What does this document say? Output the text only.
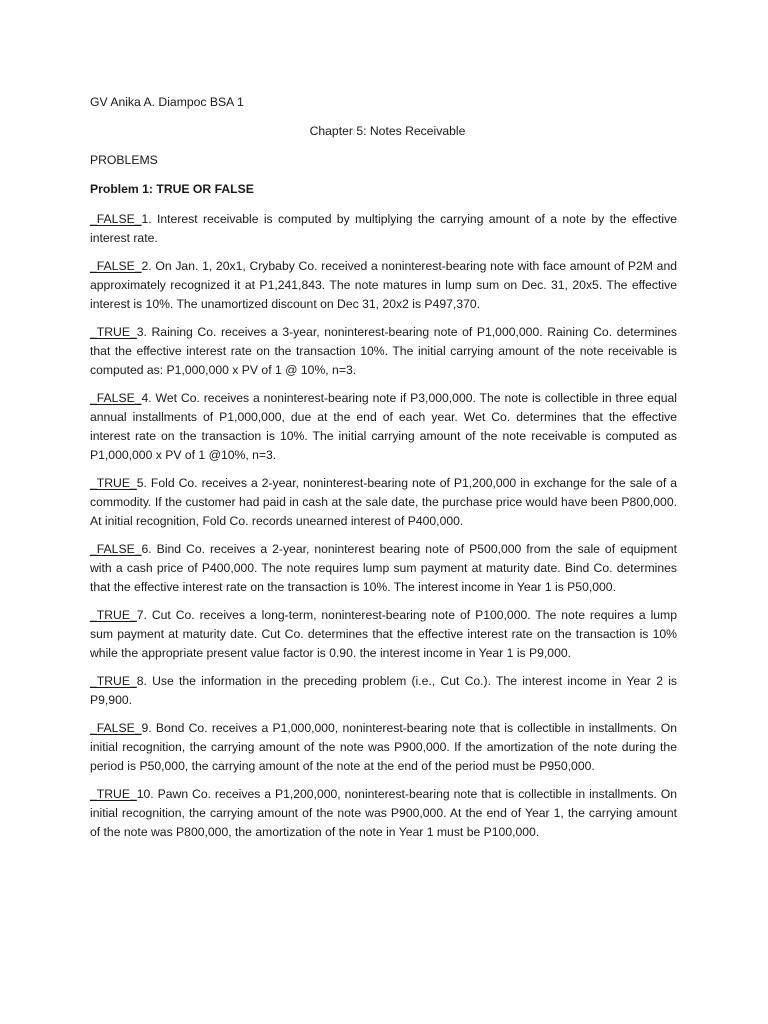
GV Anika A. Diampoc BSA 1

Chapter 5: Notes Receivable

PROBLEMS

Problem 1: TRUE OR FALSE

_FALSE_1. Interest receivable is computed by multiplying the carrying amount of a note by the effective interest rate.

_FALSE_2. On Jan. 1, 20x1, Crybaby Co. received a noninterest-bearing note with face amount of P2M and approximately recognized it at P1,241,843. The note matures in lump sum on Dec. 31, 20x5. The effective interest is 10%. The unamortized discount on Dec 31, 20x2 is P497,370.

_TRUE_3. Raining Co. receives a 3-year, noninterest-bearing note of P1,000,000. Raining Co. determines that the effective interest rate on the transaction 10%. The initial carrying amount of the note receivable is computed as: P1,000,000 x PV of 1 @ 10%, n=3.

_FALSE_4. Wet Co. receives a noninterest-bearing note if P3,000,000. The note is collectible in three equal annual installments of P1,000,000, due at the end of each year. Wet Co. determines that the effective interest rate on the transaction is 10%. The initial carrying amount of the note receivable is computed as P1,000,000 x PV of 1 @10%, n=3.

_TRUE_5. Fold Co. receives a 2-year, noninterest-bearing note of P1,200,000 in exchange for the sale of a commodity. If the customer had paid in cash at the sale date, the purchase price would have been P800,000. At initial recognition, Fold Co. records unearned interest of P400,000.

_FALSE_6. Bind Co. receives a 2-year, noninterest bearing note of P500,000 from the sale of equipment with a cash price of P400,000. The note requires lump sum payment at maturity date. Bind Co. determines that the effective interest rate on the transaction is 10%. The interest income in Year 1 is P50,000.

_TRUE_7. Cut Co. receives a long-term, noninterest-bearing note of P100,000. The note requires a lump sum payment at maturity date. Cut Co. determines that the effective interest rate on the transaction is 10% while the appropriate present value factor is 0.90. the interest income in Year 1 is P9,000.

_TRUE_8. Use the information in the preceding problem (i.e., Cut Co.). The interest income in Year 2 is P9,900.

_FALSE_9. Bond Co. receives a P1,000,000, noninterest-bearing note that is collectible in installments. On initial recognition, the carrying amount of the note was P900,000. If the amortization of the note during the period is P50,000, the carrying amount of the note at the end of the period must be P950,000.

_TRUE_10. Pawn Co. receives a P1,200,000, noninterest-bearing note that is collectible in installments. On initial recognition, the carrying amount of the note was P900,000. At the end of Year 1, the carrying amount of the note was P800,000, the amortization of the note in Year 1 must be P100,000.
